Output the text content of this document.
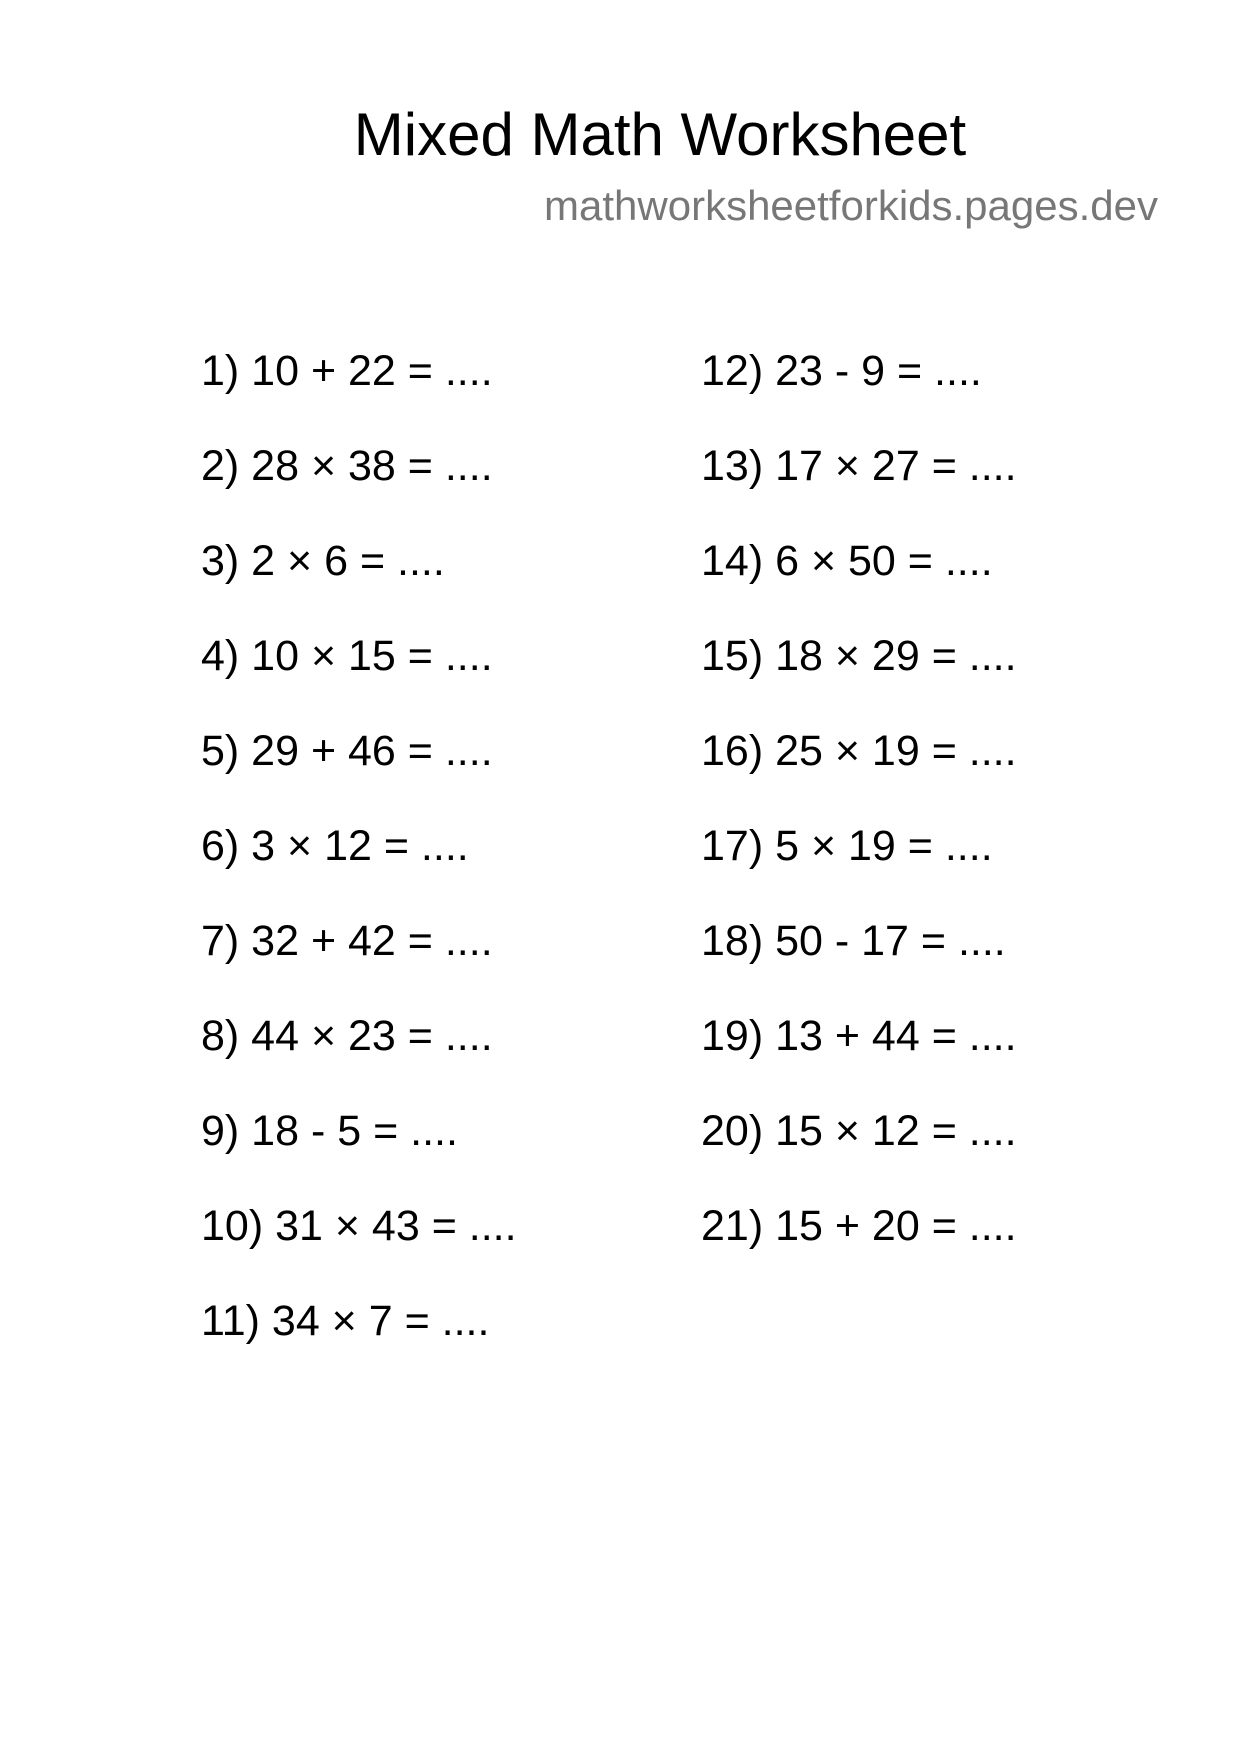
Mixed Math Worksheet
mathworksheetforkids.pages.dev
1) 10 + 22 = ....
2) 28 × 38 = ....
3) 2 × 6 = ....
4) 10 × 15 = ....
5) 29 + 46 = ....
6) 3 × 12 = ....
7) 32 + 42 = ....
8) 44 × 23 = ....
9) 18 - 5 = ....
10) 31 × 43 = ....
11) 34 × 7 = ....
12) 23 - 9 = ....
13) 17 × 27 = ....
14) 6 × 50 = ....
15) 18 × 29 = ....
16) 25 × 19 = ....
17) 5 × 19 = ....
18) 50 - 17 = ....
19) 13 + 44 = ....
20) 15 × 12 = ....
21) 15 + 20 = ....
